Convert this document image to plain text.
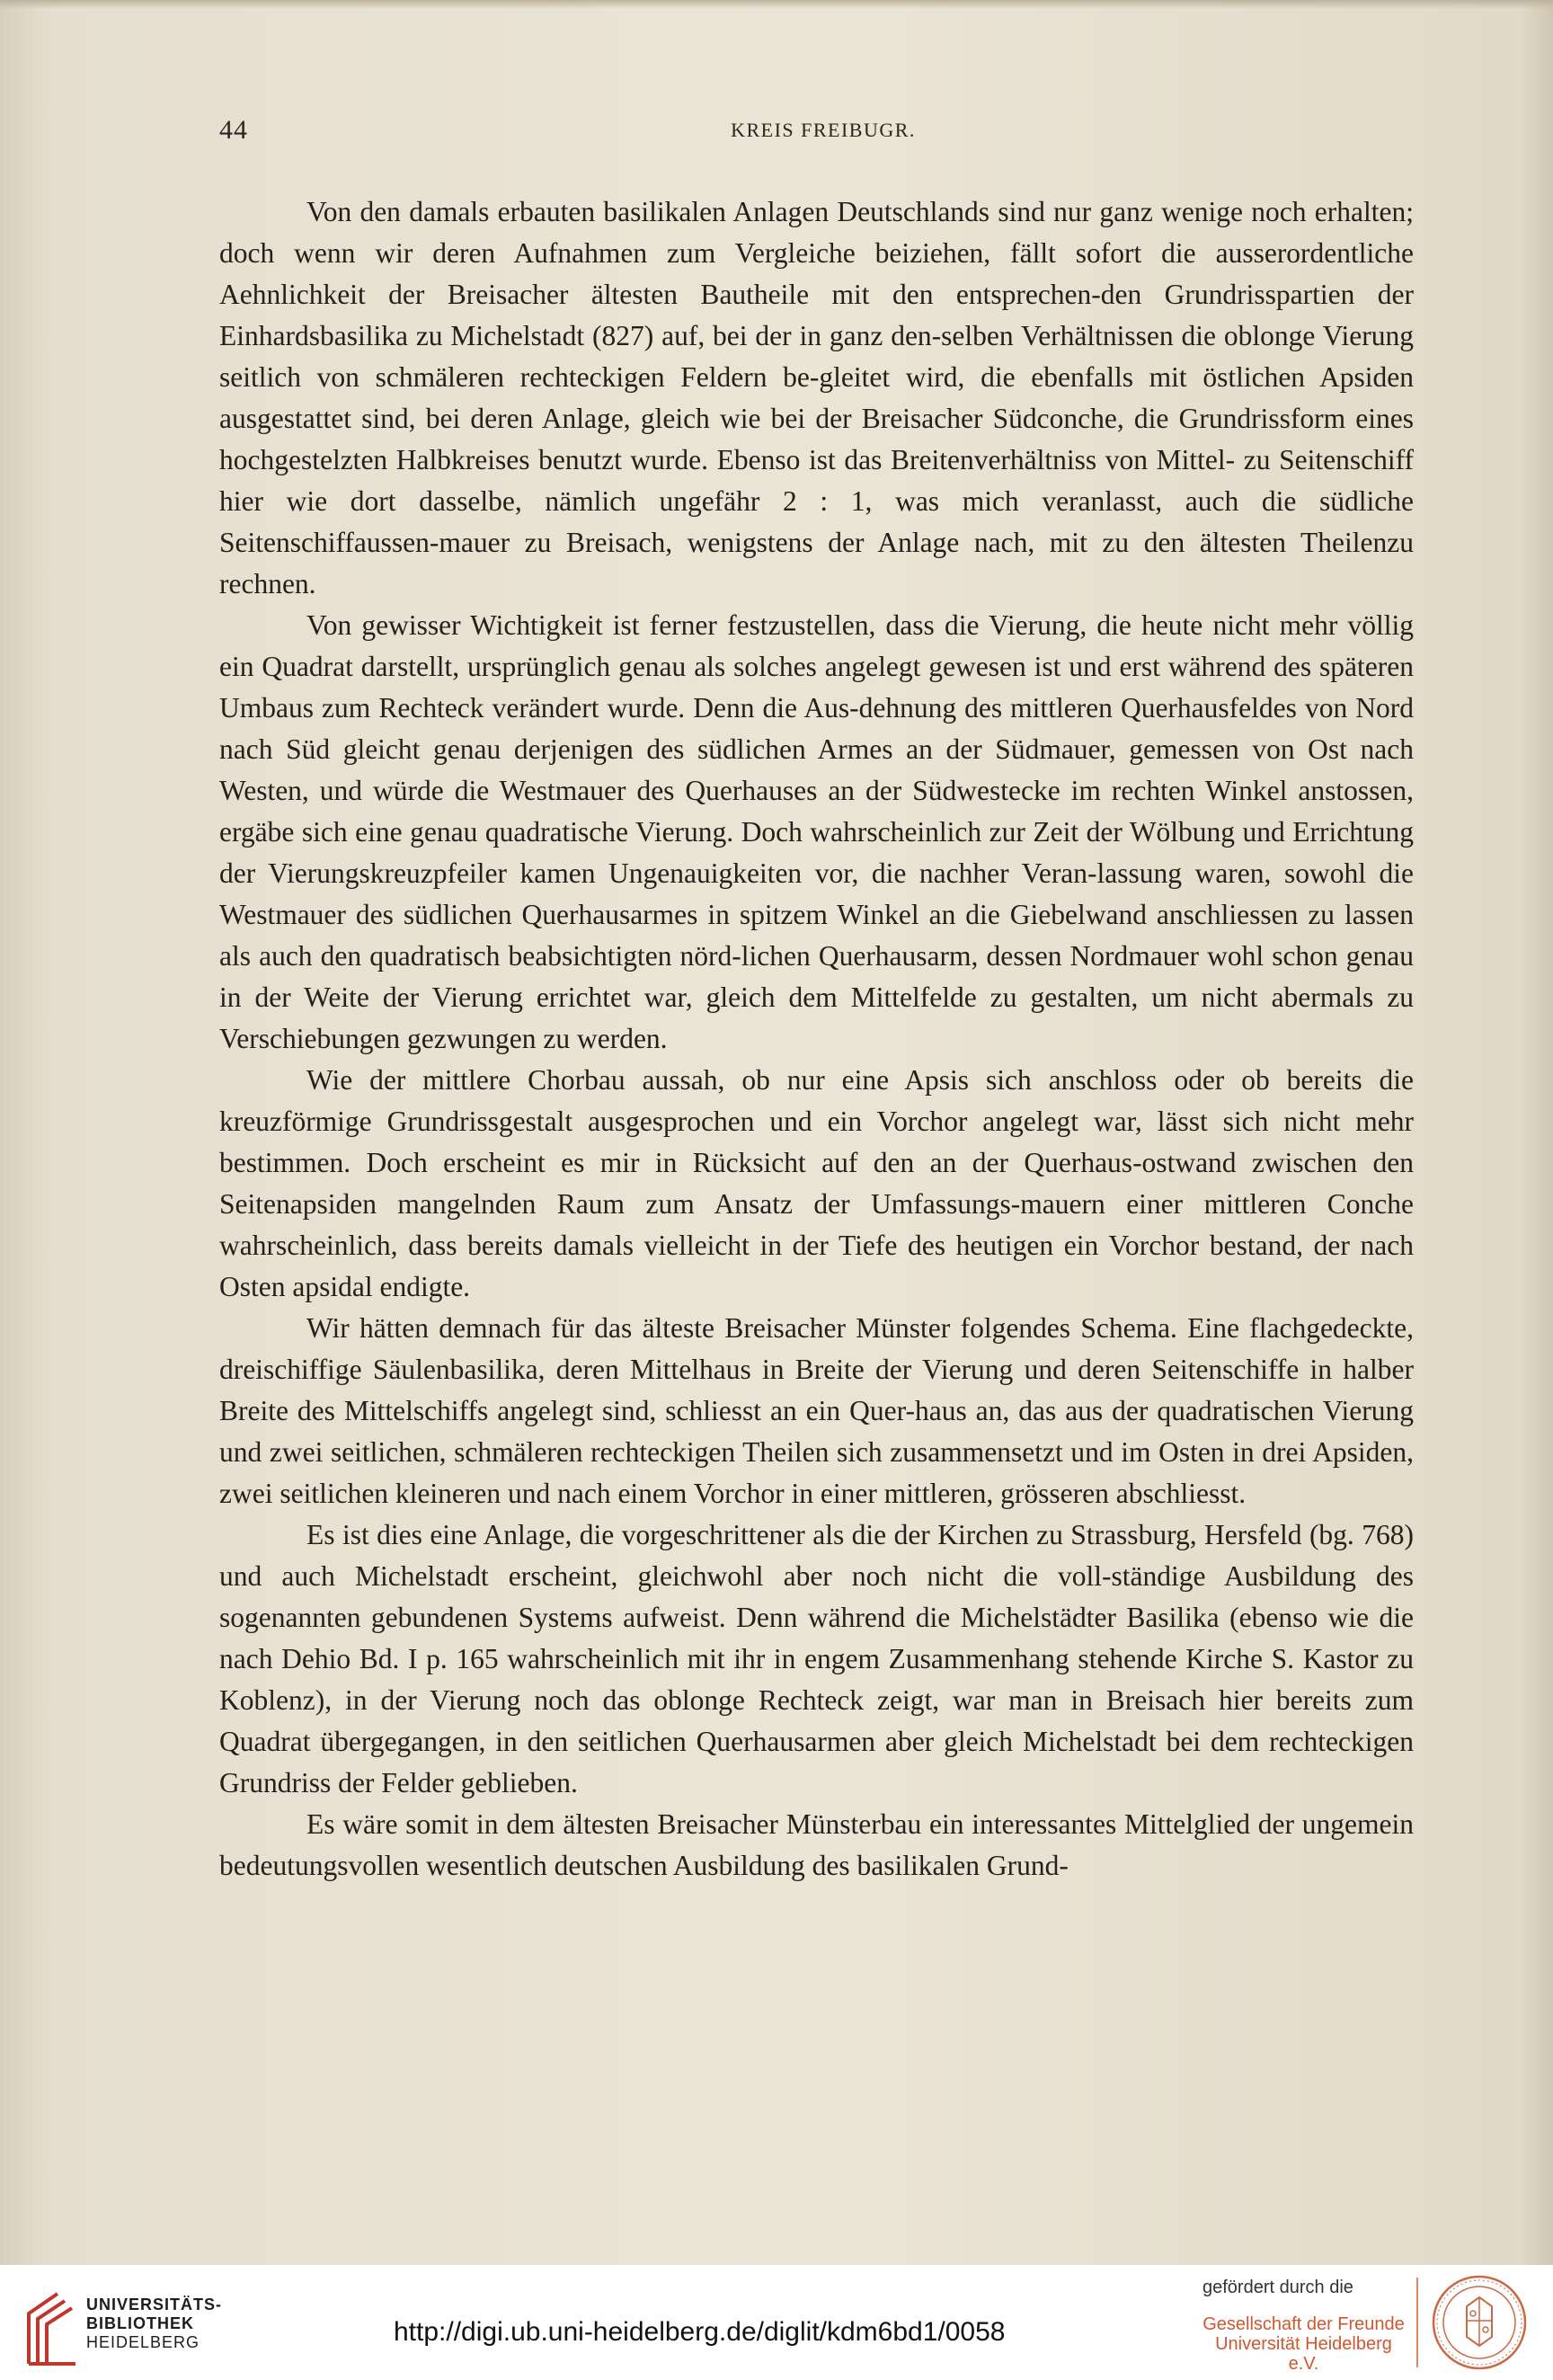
44	KREIS FREIBUGR.

Von den damals erbauten basilikalen Anlagen Deutschlands sind nur ganz wenige noch erhalten; doch wenn wir deren Aufnahmen zum Vergleiche beiziehen, fällt sofort die ausserordentliche Aehnlichkeit der Breisacher ältesten Bautheile mit den entsprechen-den Grundrisspartien der Einhardsbasilika zu Michelstadt (827) auf, bei der in ganz den-selben Verhältnissen die oblonge Vierung seitlich von schmäleren rechteckigen Feldern be-gleitet wird, die ebenfalls mit östlichen Apsiden ausgestattet sind, bei deren Anlage, gleich wie bei der Breisacher Südconche, die Grundrissform eines hochgestelzten Halbkreises benutzt wurde. Ebenso ist das Breitenverhältniss von Mittel- zu Seitenschiff hier wie dort dasselbe, nämlich ungefähr 2 : 1, was mich veranlasst, auch die südliche Seitenschiffaussen-mauer zu Breisach, wenigstens der Anlage nach, mit zu den ältesten Theilenzu rechnen.

Von gewisser Wichtigkeit ist ferner festzustellen, dass die Vierung, die heute nicht mehr völlig ein Quadrat darstellt, ursprünglich genau als solches angelegt gewesen ist und erst während des späteren Umbaus zum Rechteck verändert wurde. Denn die Aus-dehnung des mittleren Querhausfeldes von Nord nach Süd gleicht genau derjenigen des südlichen Armes an der Südmauer, gemessen von Ost nach Westen, und würde die Westmauer des Querhauses an der Südwestecke im rechten Winkel anstossen, ergäbe sich eine genau quadratische Vierung. Doch wahrscheinlich zur Zeit der Wölbung und Errichtung der Vierungskreuzpfeiler kamen Ungenauigkeiten vor, die nachher Veran-lassung waren, sowohl die Westmauer des südlichen Querhausarmes in spitzem Winkel an die Giebelwand anschliessen zu lassen als auch den quadratisch beabsichtigten nörd-lichen Querhausarm, dessen Nordmauer wohl schon genau in der Weite der Vierung errichtet war, gleich dem Mittelfelde zu gestalten, um nicht abermals zu Verschiebungen gezwungen zu werden.

Wie der mittlere Chorbau aussah, ob nur eine Apsis sich anschloss oder ob bereits die kreuzförmige Grundrissgestalt ausgesprochen und ein Vorchor angelegt war, lässt sich nicht mehr bestimmen. Doch erscheint es mir in Rücksicht auf den an der Querhaus-ostwand zwischen den Seitenapsiden mangelnden Raum zum Ansatz der Umfassungs-mauern einer mittleren Conche wahrscheinlich, dass bereits damals vielleicht in der Tiefe des heutigen ein Vorchor bestand, der nach Osten apsidal endigte.

Wir hätten demnach für das älteste Breisacher Münster folgendes Schema. Eine flachgedeckte, dreischiffige Säulenbasilika, deren Mittelhaus in Breite der Vierung und deren Seitenschiffe in halber Breite des Mittelschiffs angelegt sind, schliesst an ein Quer-haus an, das aus der quadratischen Vierung und zwei seitlichen, schmäleren rechteckigen Theilen sich zusammensetzt und im Osten in drei Apsiden, zwei seitlichen kleineren und nach einem Vorchor in einer mittleren, grösseren abschliesst.

Es ist dies eine Anlage, die vorgeschrittener als die der Kirchen zu Strassburg, Hersfeld (bg. 768) und auch Michelstadt erscheint, gleichwohl aber noch nicht die voll-ständige Ausbildung des sogenannten gebundenen Systems aufweist. Denn während die Michelstädter Basilika (ebenso wie die nach Dehio Bd. I p. 165 wahrscheinlich mit ihr in engem Zusammenhang stehende Kirche S. Kastor zu Koblenz), in der Vierung noch das oblonge Rechteck zeigt, war man in Breisach hier bereits zum Quadrat übergegangen, in den seitlichen Querhausarmen aber gleich Michelstadt bei dem rechteckigen Grundriss der Felder geblieben.

Es wäre somit in dem ältesten Breisacher Münsterbau ein interessantes Mittelglied der ungemein bedeutungsvollen wesentlich deutschen Ausbildung des basilikalen Grund-

UNIVERSITÄTS-
BIBLIOTHEK
HEIDELBERG	http://digi.ub.uni-heidelberg.de/diglit/kdm6bd1/0058
gefördert durch die
Gesellschaft der Freunde
Universität Heidelberg e.V.
